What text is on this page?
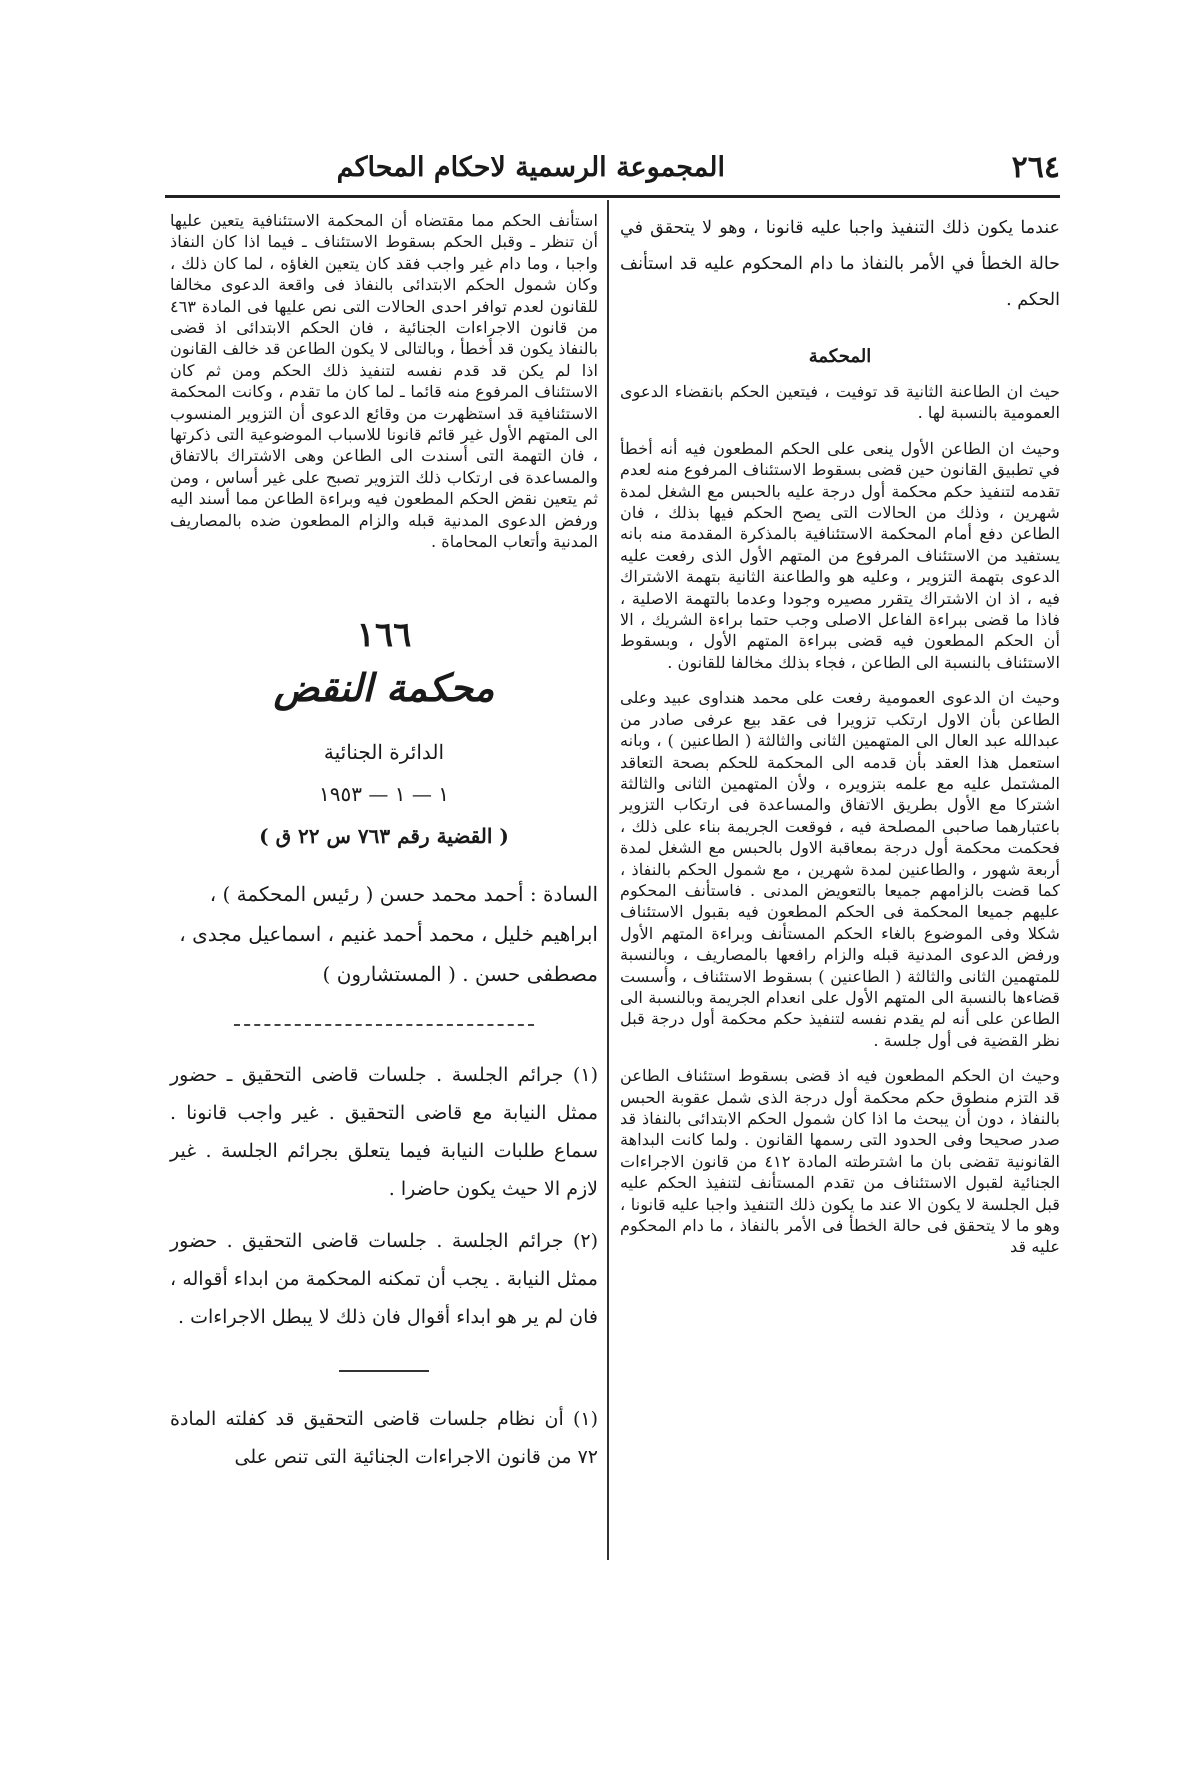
٢٦٤
المجموعة الرسمية لاحكام المحاكم

عندما يكون ذلك التنفيذ واجبا عليه قانونا ، وهو لا يتحقق في حالة الخطأ في الأمر بالنفاذ ما دام المحكوم عليه قد استأنف الحكم .

المحكمة

حيث ان الطاعنة الثانية قد توفيت ، فيتعين الحكم بانقضاء الدعوى العمومية بالنسبة لها .

وحيث ان الطاعن الأول ينعى على الحكم المطعون فيه أنه أخطأ في تطبيق القانون حين قضى بسقوط الاستئناف المرفوع منه لعدم تقدمه لتنفيذ حكم محكمة أول درجة عليه بالحبس مع الشغل لمدة شهرين ، وذلك من الحالات التى يصح الحكم فيها بذلك ، فان الطاعن دفع أمام المحكمة الاستئنافية بالمذكرة المقدمة منه بانه يستفيد من الاستئناف المرفوع من المتهم الأول الذى رفعت عليه الدعوى بتهمة التزوير ، وعليه هو والطاعنة الثانية بتهمة الاشتراك فيه ، اذ ان الاشتراك يتقرر مصيره وجودا وعدما بالتهمة الاصلية ، فاذا ما قضى ببراءة الفاعل الاصلى وجب حتما براءة الشريك ، الا أن الحكم المطعون فيه قضى ببراءة المتهم الأول ، وبسقوط الاستئناف بالنسبة الى الطاعن ، فجاء بذلك مخالفا للقانون .

وحيث ان الدعوى العمومية رفعت على محمد هنداوى عبيد وعلى الطاعن بأن الاول ارتكب تزويرا فى عقد بيع عرفى صادر من عبدالله عبد العال الى المتهمين الثانى والثالثة ( الطاعنين ) ، وبانه استعمل هذا العقد بأن قدمه الى المحكمة للحكم بصحة التعاقد المشتمل عليه مع علمه بتزويره ، ولأن المتهمين الثانى والثالثة اشتركا مع الأول بطريق الاتفاق والمساعدة فى ارتكاب التزوير باعتبارهما صاحبى المصلحة فيه ، فوقعت الجريمة بناء على ذلك ، فحكمت محكمة أول درجة بمعاقبة الاول بالحبس مع الشغل لمدة أربعة شهور ، والطاعنين لمدة شهرين ، مع شمول الحكم بالنفاذ ، كما قضت بالزامهم جميعا بالتعويض المدنى . فاستأنف المحكوم عليهم جميعا المحكمة فى الحكم المطعون فيه بقبول الاستئناف شكلا وفى الموضوع بالغاء الحكم المستأنف وبراءة المتهم الأول ورفض الدعوى المدنية قبله والزام رافعها بالمصاريف ، وبالنسبة للمتهمين الثانى والثالثة ( الطاعنين ) بسقوط الاستئناف ، وأسست قضاءها بالنسبة الى المتهم الأول على انعدام الجريمة وبالنسبة الى الطاعن على أنه لم يقدم نفسه لتنفيذ حكم محكمة أول درجة قبل نظر القضية فى أول جلسة .

وحيث ان الحكم المطعون فيه اذ قضى بسقوط استئناف الطاعن قد التزم منطوق حكم محكمة أول درجة الذى شمل عقوبة الحبس بالنفاذ ، دون أن يبحث ما اذا كان شمول الحكم الابتدائى بالنفاذ قد صدر صحيحا وفى الحدود التى رسمها القانون . ولما كانت البداهة القانونية تقضى بان ما اشترطته المادة ٤١٢ من قانون الاجراءات الجنائية لقبول الاستئناف من تقدم المستأنف لتنفيذ الحكم عليه قبل الجلسة لا يكون الا عند ما يكون ذلك التنفيذ واجبا عليه قانونا ، وهو ما لا يتحقق فى حالة الخطأ فى الأمر بالنفاذ ، ما دام المحكوم عليه قد

استأنف الحكم مما مقتضاه أن المحكمة الاستئنافية يتعين عليها أن تنظر ـ وقبل الحكم بسقوط الاستئناف ـ فيما اذا كان النفاذ واجبا ، وما دام غير واجب فقد كان يتعين الغاؤه ، لما كان ذلك ، وكان شمول الحكم الابتدائى بالنفاذ فى واقعة الدعوى مخالفا للقانون لعدم توافر احدى الحالات التى نص عليها فى المادة ٤٦٣ من قانون الاجراءات الجنائية ، فان الحكم الابتدائى اذ قضى بالنفاذ يكون قد أخطأ ، وبالتالى لا يكون الطاعن قد خالف القانون اذا لم يكن قد قدم نفسه لتنفيذ ذلك الحكم ومن ثم كان الاستئناف المرفوع منه قائما ـ لما كان ما تقدم ، وكانت المحكمة الاستئنافية قد استظهرت من وقائع الدعوى أن التزوير المنسوب الى المتهم الأول غير قائم قانونا للاسباب الموضوعية التى ذكرتها ، فان التهمة التى أسندت الى الطاعن وهى الاشتراك بالاتفاق والمساعدة فى ارتكاب ذلك التزوير تصبح على غير أساس ، ومن ثم يتعين نقض الحكم المطعون فيه وبراءة الطاعن مما أسند اليه ورفض الدعوى المدنية قبله والزام المطعون ضده بالمصاريف المدنية وأتعاب المحاماة .

١٦٦
محكمة النقض
الدائرة الجنائية
١ — ١ — ١٩٥٣
( القضية رقم ٧٦٣ س ٢٢ ق )
السادة : أحمد محمد حسن ( رئيس المحكمة ) ،
ابراهيم خليل ، محمد أحمد غنيم ، اسماعيل مجدى ،
مصطفى حسن . ( المستشارون )

(١) جرائم الجلسة . جلسات قاضى التحقيق ـ حضور ممثل النيابة مع قاضى التحقيق . غير واجب قانونا . سماع طلبات النيابة فيما يتعلق بجرائم الجلسة . غير لازم الا حيث يكون حاضرا .

(٢) جرائم الجلسة . جلسات قاضى التحقيق . حضور ممثل النيابة . يجب أن تمكنه المحكمة من ابداء أقواله ، فان لم ير هو ابداء أقوال فان ذلك لا يبطل الاجراءات .

(١) أن نظام جلسات قاضى التحقيق قد كفلته المادة ٧٢ من قانون الاجراءات الجنائية التى تنص على
